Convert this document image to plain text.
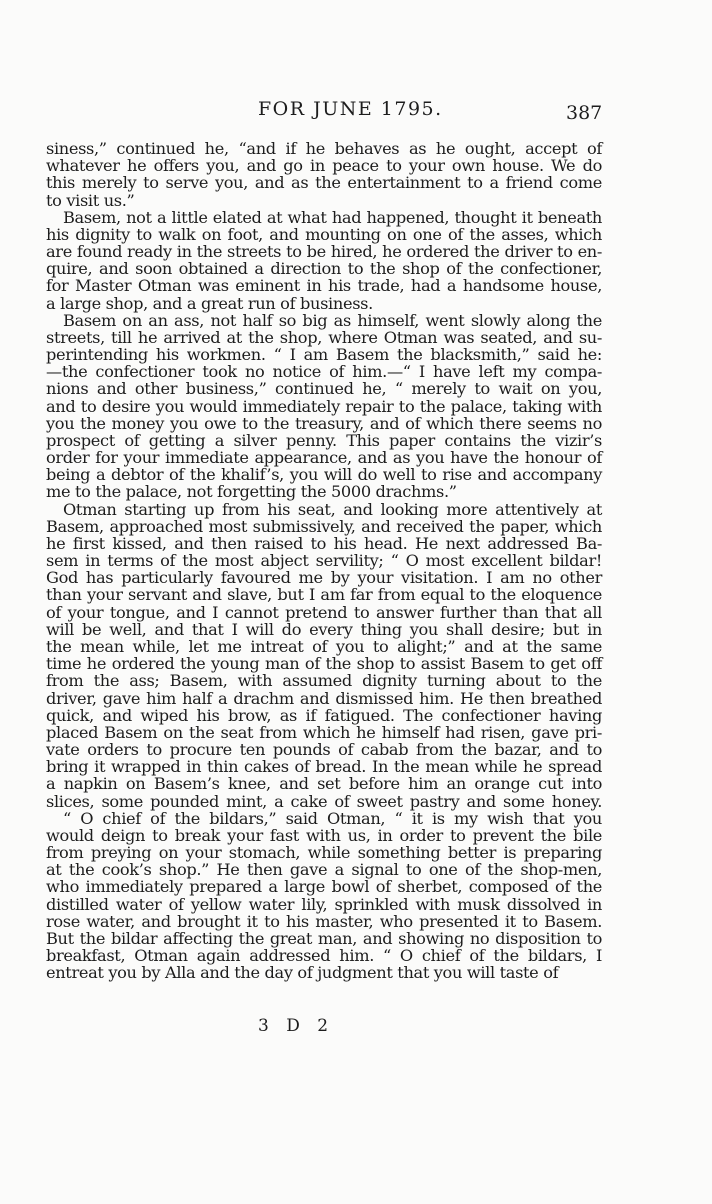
FOR JUNE 1795.	387
siness,” continued he, “and if he behaves as he ought, accept of
whatever he offers you, and go in peace to your own house. We do
this merely to serve you, and as the entertainment to a friend come
to visit us.”
Basem, not a little elated at what had happened, thought it beneath
his dignity to walk on foot, and mounting on one of the asses, which
are found ready in the streets to be hired, he ordered the driver to en-
quire, and soon obtained a direction to the shop of the confectioner,
for Master Otman was eminent in his trade, had a handsome house,
a large shop, and a great run of business.
Basem on an ass, not half so big as himself, went slowly along the
streets, till he arrived at the shop, where Otman was seated, and su-
perintending his workmen. “ I am Basem the blacksmith,” said he:
—the confectioner took no notice of him.—“ I have left my compa-
nions and other business,” continued he, “ merely to wait on you,
and to desire you would immediately repair to the palace, taking with
you the money you owe to the treasury, and of which there seems no
prospect of getting a silver penny. This paper contains the vizir’s
order for your immediate appearance, and as you have the honour of
being a debtor of the khalif’s, you will do well to rise and accompany
me to the palace, not forgetting the 5000 drachms.”
Otman starting up from his seat, and looking more attentively at
Basem, approached most submissively, and received the paper, which
he first kissed, and then raised to his head. He next addressed Ba-
sem in terms of the most abject servility; “ O most excellent bildar!
God has particularly favoured me by your visitation. I am no other
than your servant and slave, but I am far from equal to the eloquence
of your tongue, and I cannot pretend to answer further than that all
will be well, and that I will do every thing you shall desire; but in
the mean while, let me intreat of you to alight;” and at the same
time he ordered the young man of the shop to assist Basem to get off
from the ass; Basem, with assumed dignity turning about to the
driver, gave him half a drachm and dismissed him. He then breathed
quick, and wiped his brow, as if fatigued. The confectioner having
placed Basem on the seat from which he himself had risen, gave pri-
vate orders to procure ten pounds of cabab from the bazar, and to
bring it wrapped in thin cakes of bread. In the mean while he spread
a napkin on Basem’s knee, and set before him an orange cut into
slices, some pounded mint, a cake of sweet pastry and some honey.
“ O chief of the bildars,” said Otman, “ it is my wish that you
would deign to break your fast with us, in order to prevent the bile
from preying on your stomach, while something better is preparing
at the cook’s shop.” He then gave a signal to one of the shop-men,
who immediately prepared a large bowl of sherbet, composed of the
distilled water of yellow water lily, sprinkled with musk dissolved in
rose water, and brought it to his master, who presented it to Basem.
But the bildar affecting the great man, and showing no disposition to
breakfast, Otman again addressed him. “ O chief of the bildars, I
entreat you by Alla and the day of judgment that you will taste of
3 D 2
